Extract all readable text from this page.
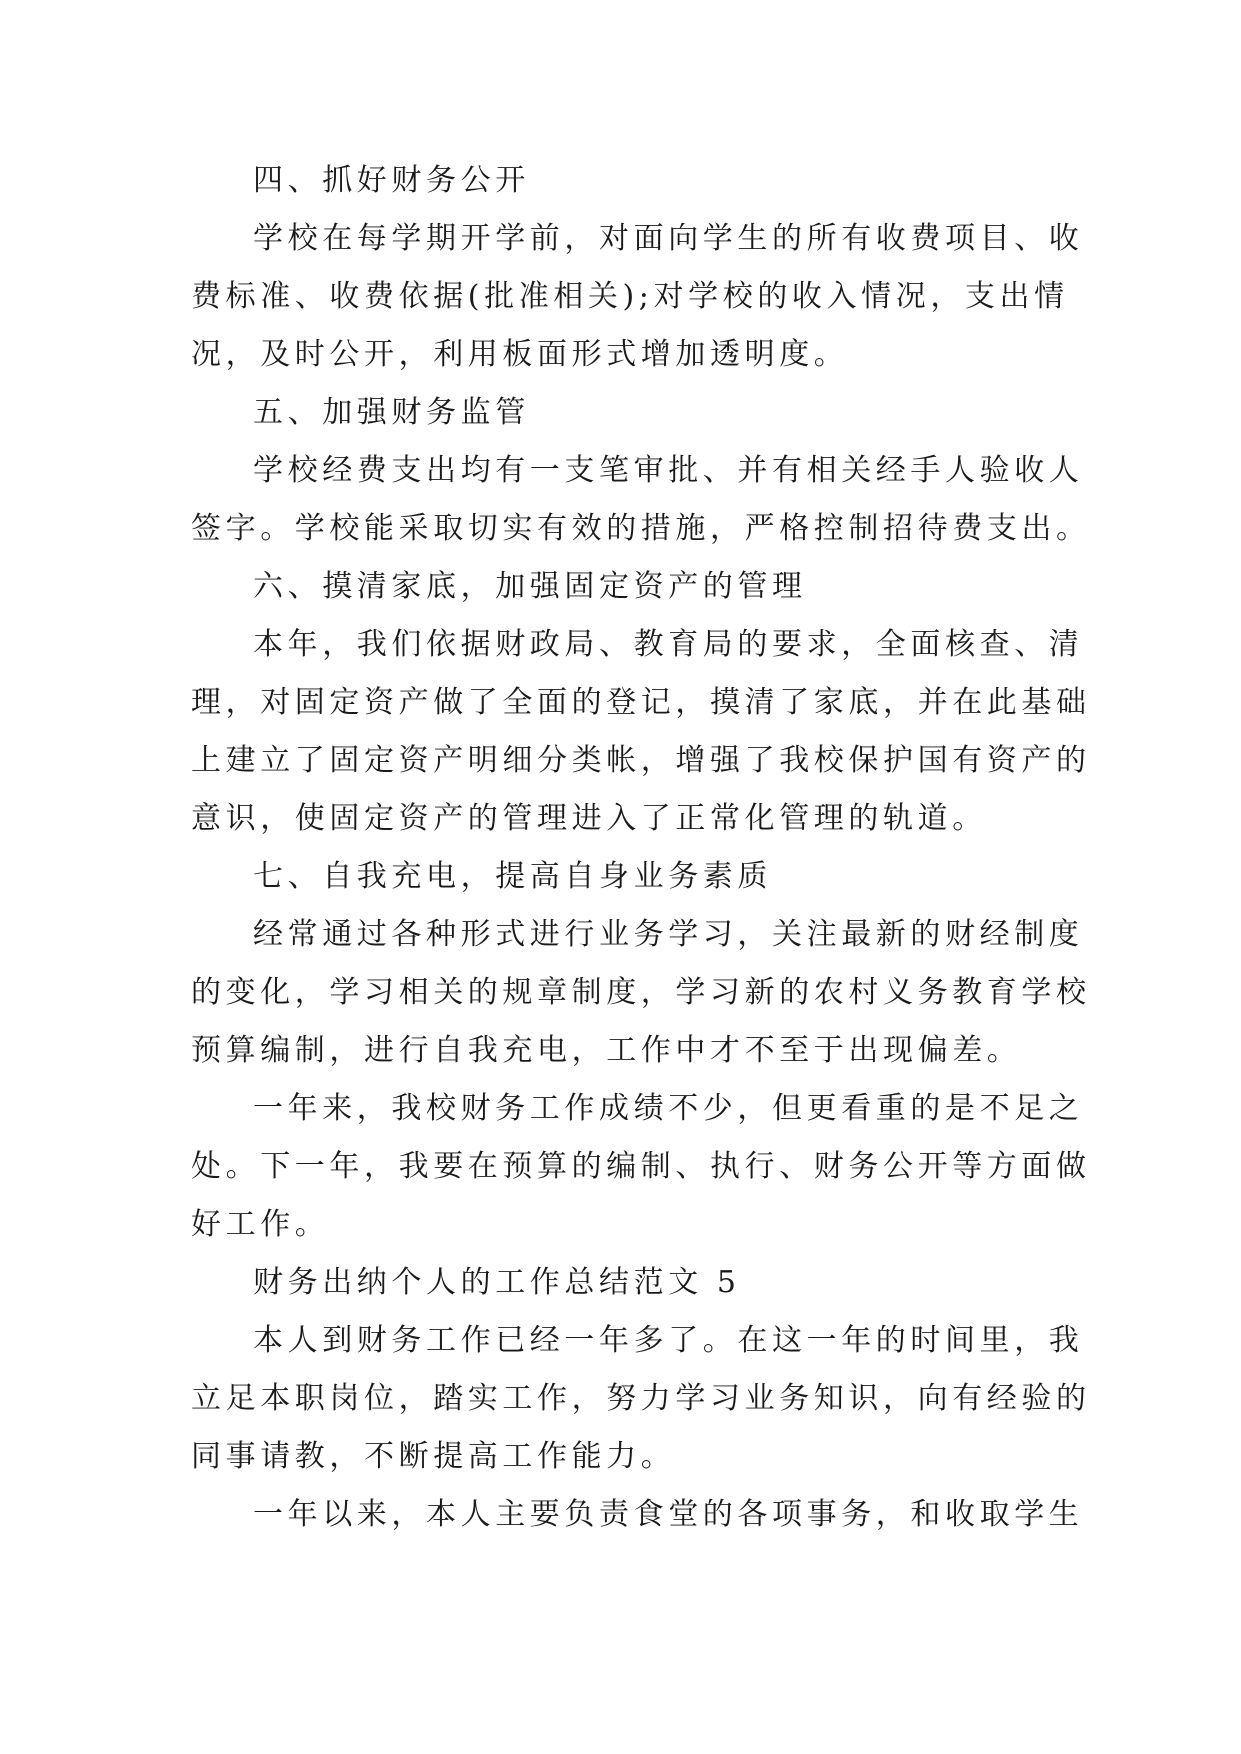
四、抓好财务公开
学校在每学期开学前，对面向学生的所有收费项目、收
费标准、收费依据(批准相关);对学校的收入情况，支出情
况，及时公开，利用板面形式增加透明度。
五、加强财务监管
学校经费支出均有一支笔审批、并有相关经手人验收人
签字。学校能采取切实有效的措施，严格控制招待费支出。
六、摸清家底，加强固定资产的管理
本年，我们依据财政局、教育局的要求，全面核查、清
理，对固定资产做了全面的登记，摸清了家底，并在此基础
上建立了固定资产明细分类帐，增强了我校保护国有资产的
意识，使固定资产的管理进入了正常化管理的轨道。
七、自我充电，提高自身业务素质
经常通过各种形式进行业务学习，关注最新的财经制度
的变化，学习相关的规章制度，学习新的农村义务教育学校
预算编制，进行自我充电，工作中才不至于出现偏差。
一年来，我校财务工作成绩不少，但更看重的是不足之
处。下一年，我要在预算的编制、执行、财务公开等方面做
好工作。
财务出纳个人的工作总结范文 5
本人到财务工作已经一年多了。在这一年的时间里，我
立足本职岗位，踏实工作，努力学习业务知识，向有经验的
同事请教，不断提高工作能力。
一年以来，本人主要负责食堂的各项事务，和收取学生
